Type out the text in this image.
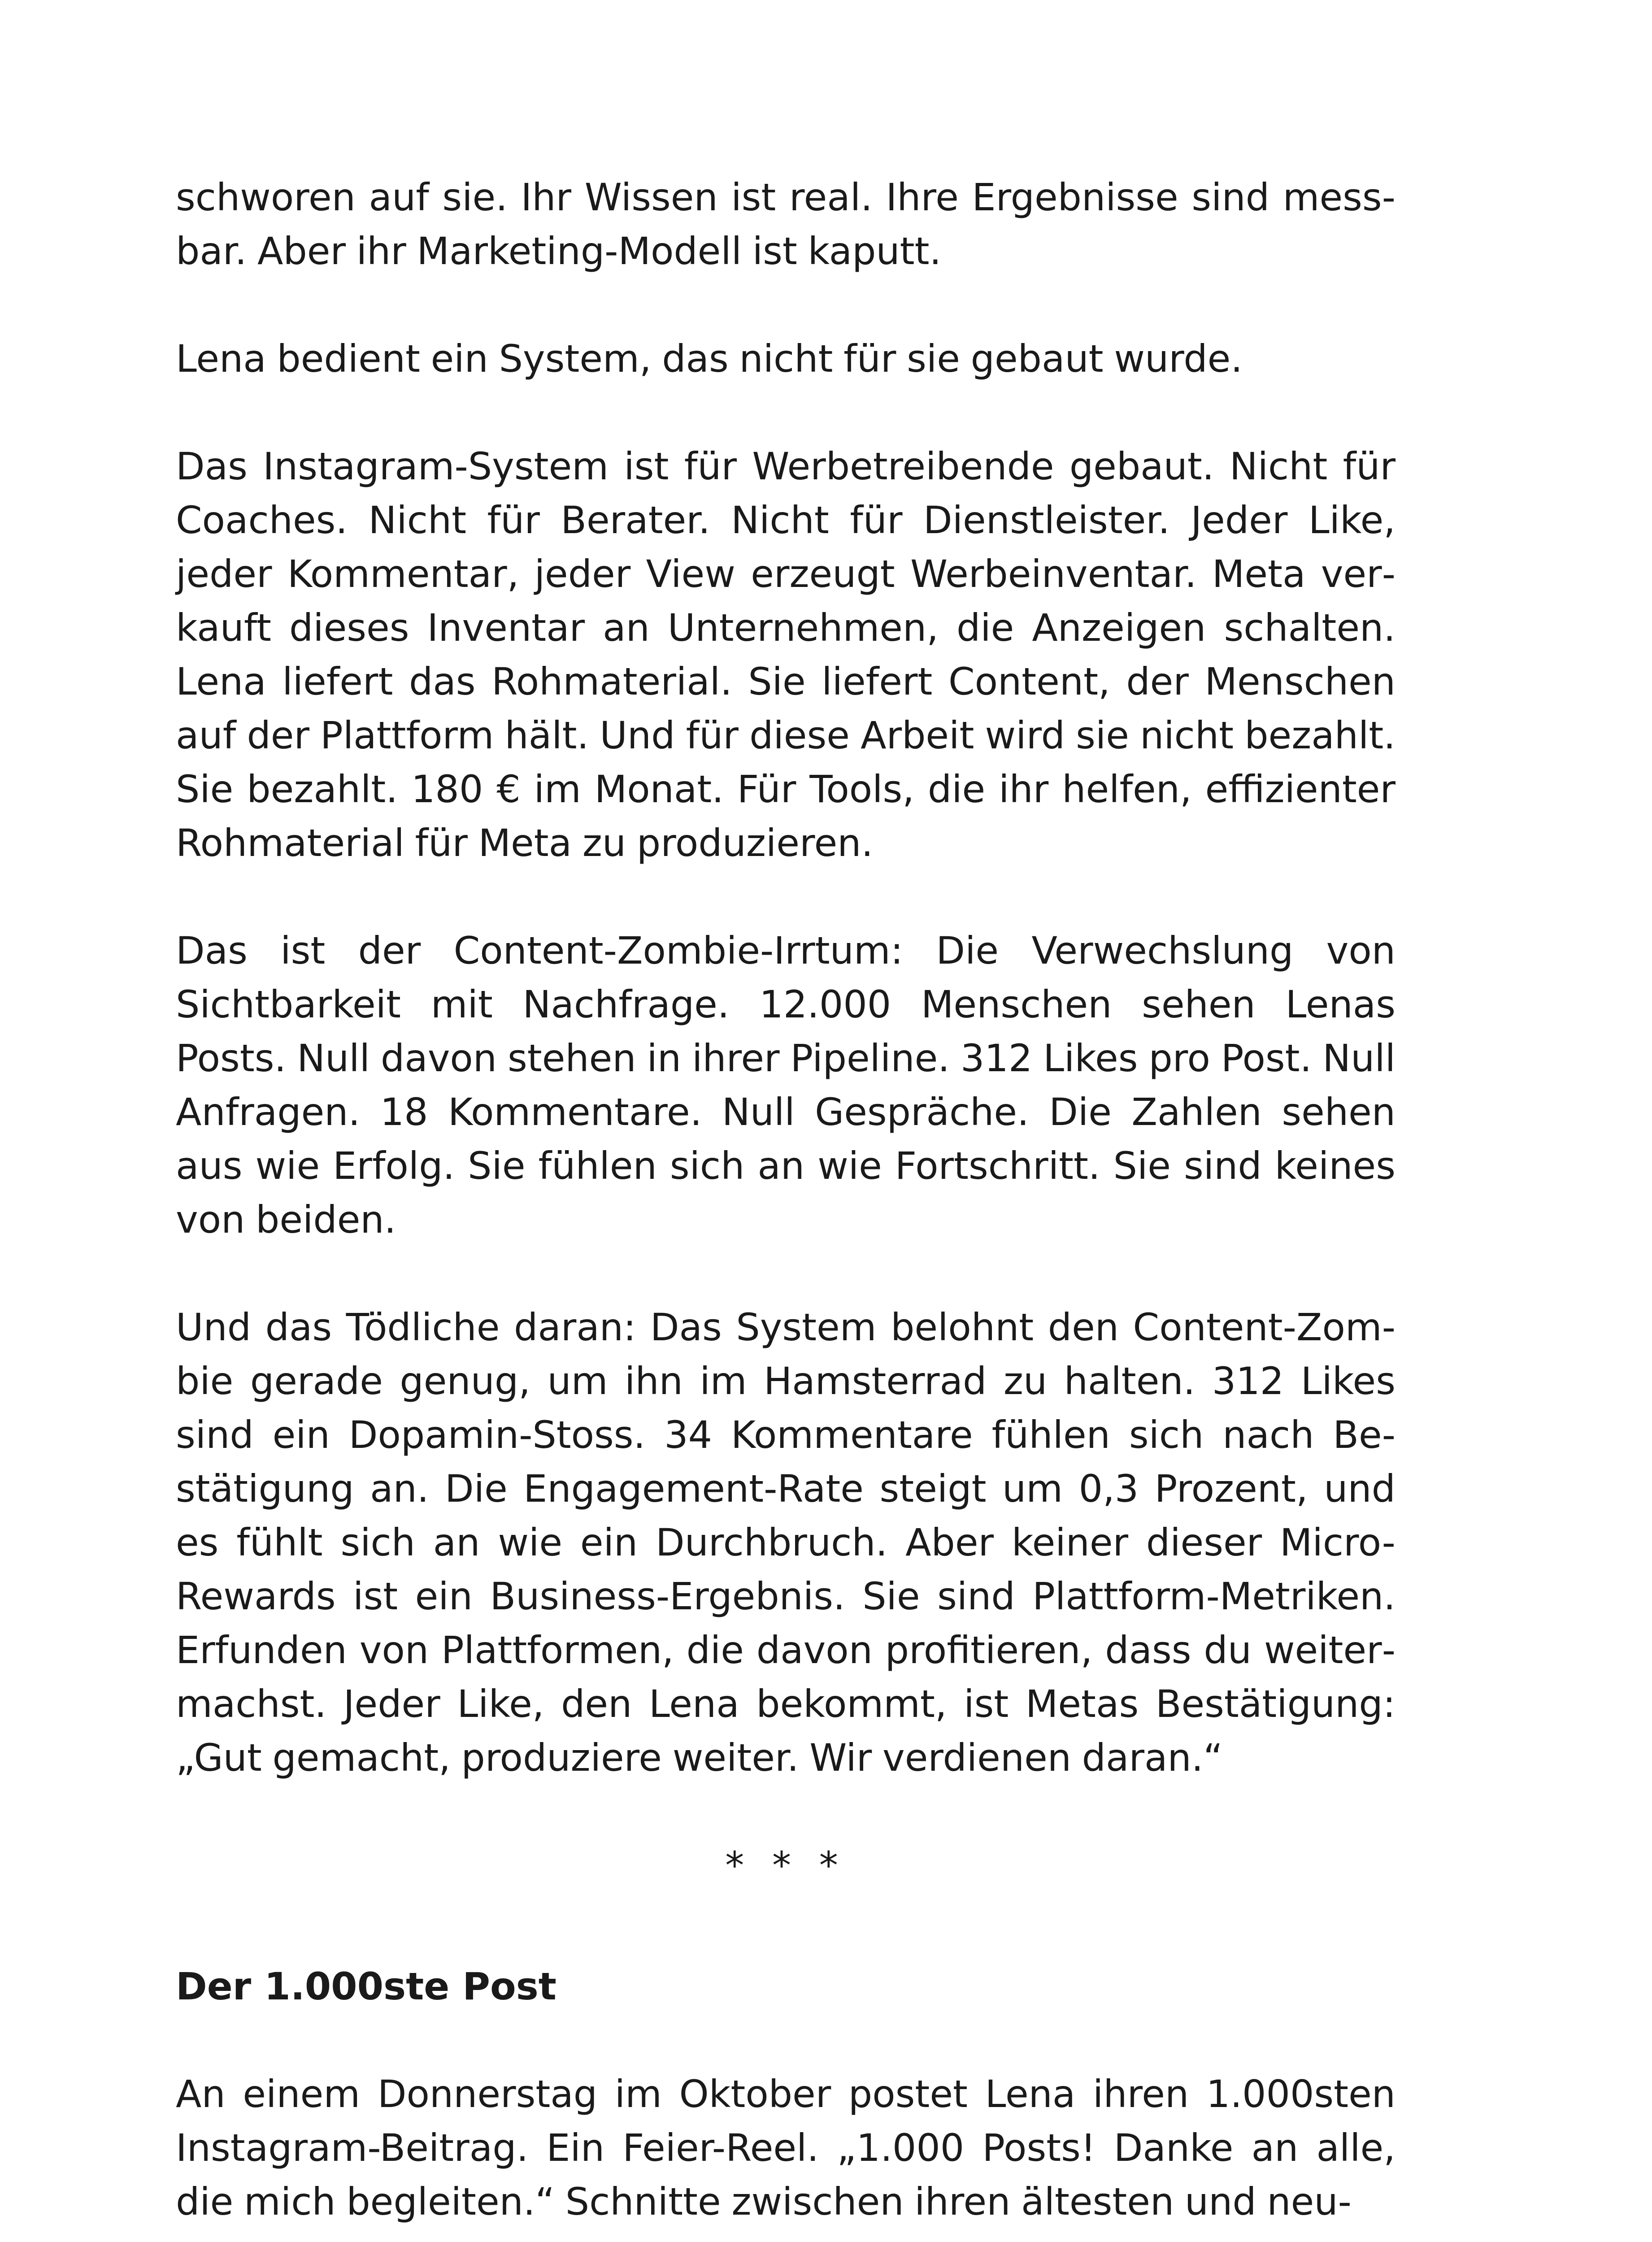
schworen auf sie. Ihr Wissen ist real. Ihre Ergebnisse sind messbar. Aber ihr Marketing-Modell ist kaputt.

Lena bedient ein System, das nicht für sie gebaut wurde.

Das Instagram-System ist für Werbetreibende gebaut. Nicht für Coaches. Nicht für Berater. Nicht für Dienstleister. Jeder Like, jeder Kommentar, jeder View erzeugt Werbeinventar. Meta verkauft dieses Inventar an Unternehmen, die Anzeigen schalten. Lena liefert das Rohmaterial. Sie liefert Content, der Menschen auf der Plattform hält. Und für diese Arbeit wird sie nicht bezahlt. Sie bezahlt. 180 € im Monat. Für Tools, die ihr helfen, effizienter Rohmaterial für Meta zu produzieren.

Das ist der Content-Zombie-Irrtum: Die Verwechslung von Sichtbarkeit mit Nachfrage. 12.000 Menschen sehen Lenas Posts. Null davon stehen in ihrer Pipeline. 312 Likes pro Post. Null Anfragen. 18 Kommentare. Null Gespräche. Die Zahlen sehen aus wie Erfolg. Sie fühlen sich an wie Fortschritt. Sie sind keines von beiden.

Und das Tödliche daran: Das System belohnt den Content-Zombie gerade genug, um ihn im Hamsterrad zu halten. 312 Likes sind ein Dopamin-Stoss. 34 Kommentare fühlen sich nach Bestätigung an. Die Engagement-Rate steigt um 0,3 Prozent, und es fühlt sich an wie ein Durchbruch. Aber keiner dieser Micro-Rewards ist ein Business-Ergebnis. Sie sind Plattform-Metriken. Erfunden von Plattformen, die davon profitieren, dass du weitermachst. Jeder Like, den Lena bekommt, ist Metas Bestätigung: „Gut gemacht, produziere weiter. Wir verdienen daran.“

* * *
Der 1.000ste Post

An einem Donnerstag im Oktober postet Lena ihren 1.000sten Instagram-Beitrag. Ein Feier-Reel. „1.000 Posts! Danke an alle, die mich begleiten.“ Schnitte zwischen ihren ältesten und neu-
